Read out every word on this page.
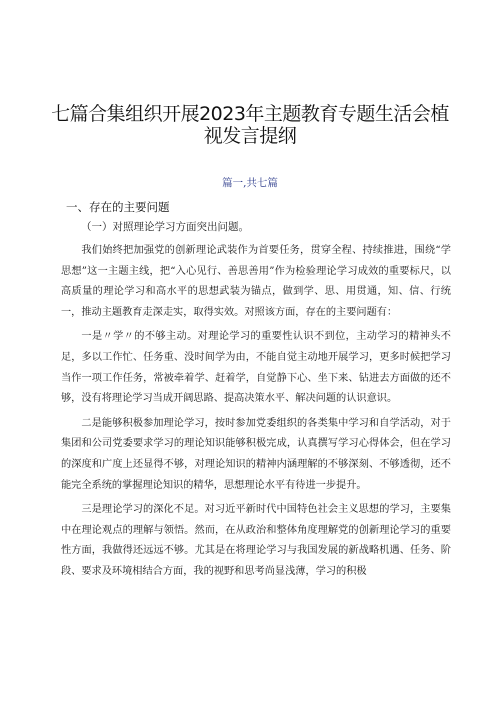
七篇合集组织开展2023年主题教育专题生活会植
视发言提纲
篇一,共七篇
一、存在的主要问题
（一）对照理论学习方面突出问题。

我们始终把加强党的创新理论武装作为首要任务，贯穿全程、持续推进，围绕“学思想”这一主题主线，把“入心见行、善思善用”作为检验理论学习成效的重要标尺，以高质量的理论学习和高水平的思想武装为锚点，做到学、思、用贯通，知、信、行统一，推动主题教育走深走实，取得实效。对照该方面，存在的主要问题有：

一是〃学〃的不够主动。对理论学习的重要性认识不到位，主动学习的精神头不足，多以工作忙、任务重、没时间学为由，不能自觉主动地开展学习，更多时候把学习当作一项工作任务，常被牵着学、赶着学，自觉静下心、坐下来、钻进去方面做的还不够，没有将理论学习当成开阔思路、提高决策水平、解决问题的认识意识。

二是能够积极参加理论学习，按时参加党委组织的各类集中学习和自学活动，对于集团和公司党委要求学习的理论知识能够积极完成，认真撰写学习心得体会，但在学习的深度和广度上还显得不够，对理论知识的精神内涵理解的不够深刻、不够透彻，还不能完全系统的掌握理论知识的精华，思想理论水平有待进一步提升。

三是理论学习的深化不足。对习近平新时代中国特色社会主义思想的学习，主要集中在理论观点的理解与领悟。然而，在从政治和整体角度理解党的创新理论学习的重要性方面，我做得还远远不够。尤其是在将理论学习与我国发展的新战略机遇、任务、阶段、要求及环境相结合方面，我的视野和思考尚显浅薄，学习的积极
